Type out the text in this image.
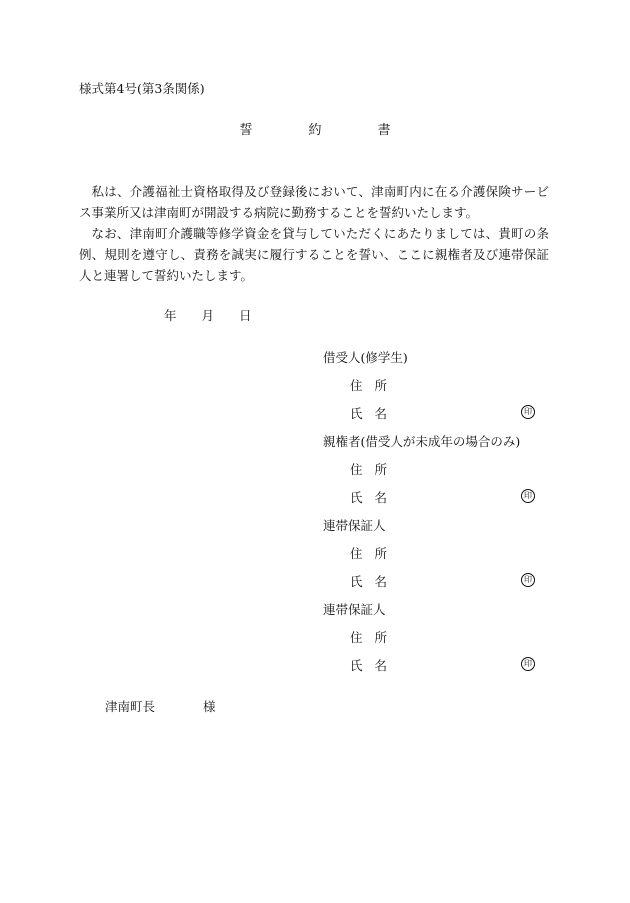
様式第4号(第3条関係)
誓	約	書
私は、介護福祉士資格取得及び登録後において、津南町内に在る介護保険サービス事業所又は津南町が開設する病院に勤務することを誓約いたします。
なお、津南町介護職等修学資金を貸与していただくにあたりましては、貴町の条例、規則を遵守し、責務を誠実に履行することを誓い、ここに親権者及び連帯保証人と連署して誓約いたします。
年 月 日
借受人(修学生)
住 所
氏 名	印
親権者(借受人が未成年の場合のみ)
住 所
氏 名	印
連帯保証人
住 所
氏 名	印
連帯保証人
住 所
氏 名	印
津南町長	様
